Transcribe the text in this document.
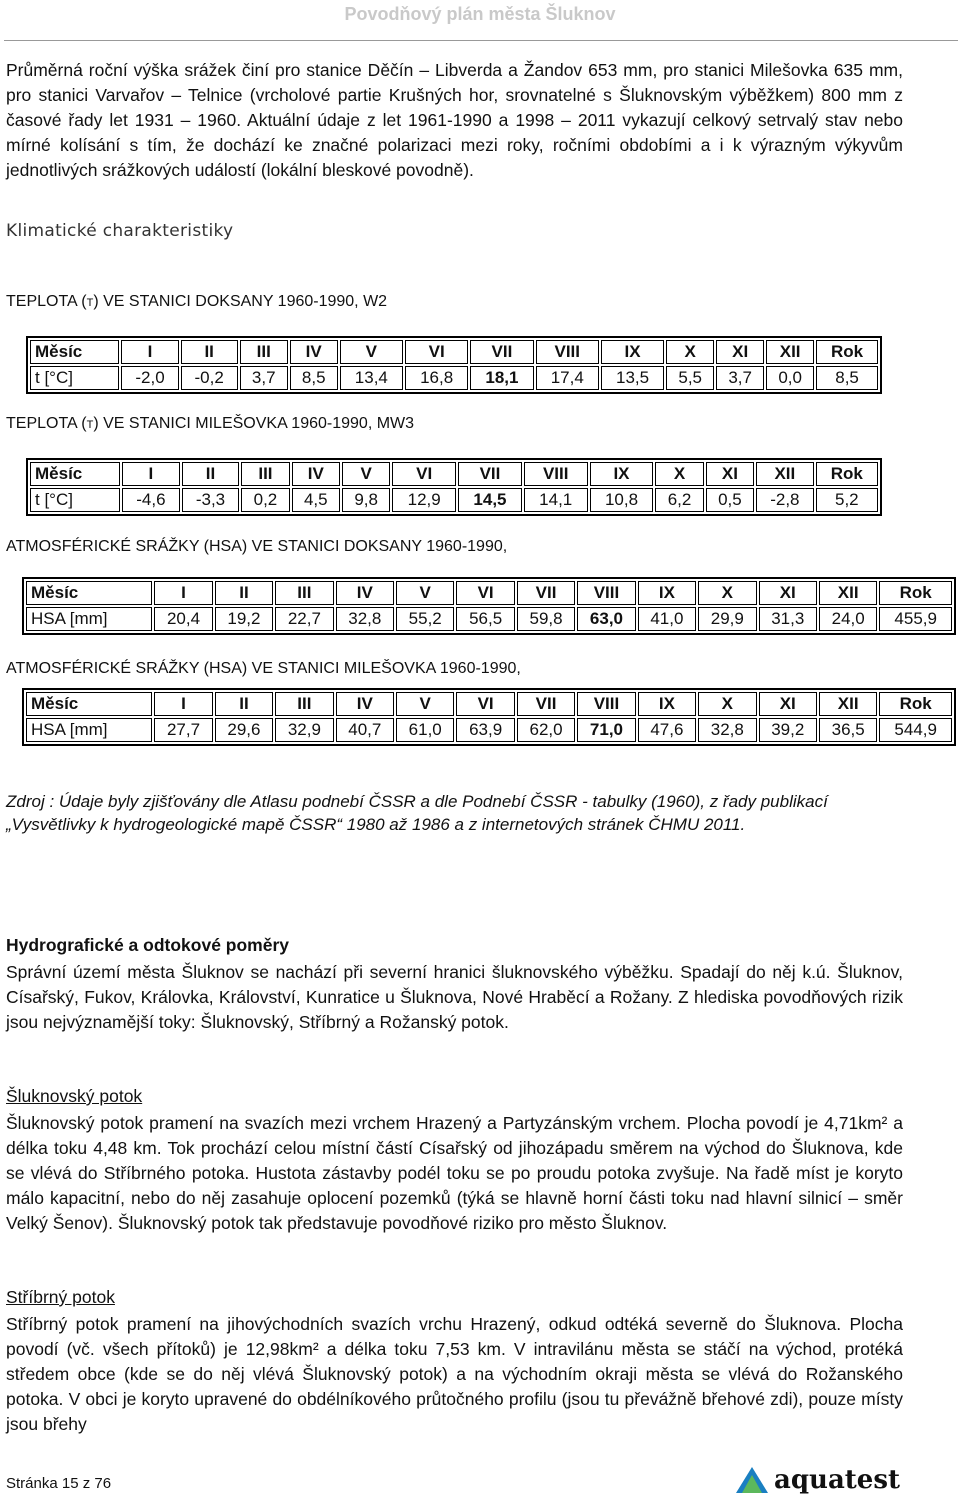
Povodňový plán města Šluknov
Průměrná roční výška srážek činí pro stanice Děčín – Libverda a Žandov 653 mm, pro stanici Milešovka 635 mm, pro stanici Varvařov – Telnice (vrcholové partie Krušných hor, srovnatelné s Šluknovským výběžkem) 800 mm z časové řady let 1931 – 1960. Aktuální údaje z let 1961-1990 a 1998 – 2011 vykazují celkový setrvalý stav nebo mírné kolísání s tím, že dochází ke značné polarizaci mezi roky, ročními obdobími a i k výrazným výkyvům jednotlivých srážkových událostí (lokální bleskové povodně).
Klimatické charakteristiky
TEPLOTA (t) VE STANICI DOKSANY 1960-1990, W2
Měsíc	I	II	III	IV	V	VI	VII	VIII	IX	X	XI	XII	Rok
t [°C]	-2,0	-0,2	3,7	8,5	13,4	16,8	18,1	17,4	13,5	5,5	3,7	0,0	8,5
TEPLOTA (t) VE STANICI MILEŠOVKA 1960-1990, MW3
Měsíc	I	II	III	IV	V	VI	VII	VIII	IX	X	XI	XII	Rok
t [°C]	-4,6	-3,3	0,2	4,5	9,8	12,9	14,5	14,1	10,8	6,2	0,5	-2,8	5,2
ATMOSFÉRICKÉ SRÁŽKY (HSA) VE STANICI DOKSANY 1960-1990,
Měsíc	I	II	III	IV	V	VI	VII	VIII	IX	X	XI	XII	Rok
HSA [mm]	20,4	19,2	22,7	32,8	55,2	56,5	59,8	63,0	41,0	29,9	31,3	24,0	455,9
ATMOSFÉRICKÉ SRÁŽKY (HSA) VE STANICI MILEŠOVKA 1960-1990,
Měsíc	I	II	III	IV	V	VI	VII	VIII	IX	X	XI	XII	Rok
HSA [mm]	27,7	29,6	32,9	40,7	61,0	63,9	62,0	71,0	47,6	32,8	39,2	36,5	544,9
Zdroj : Údaje byly zjišťovány dle Atlasu podnebí ČSSR a dle Podnebí ČSSR - tabulky (1960), z řady publikací „Vysvětlivky k hydrogeologické mapě ČSSR“ 1980 až 1986 a z internetových stránek ČHMU 2011.
Hydrografické a odtokové poměry
Správní území města Šluknov se nachází při severní hranici šluknovského výběžku. Spadají do něj k.ú. Šluknov, Císařský, Fukov, Královka, Království, Kunratice u Šluknova, Nové Hraběcí a Rožany. Z hlediska povodňových rizik jsou nejvýznamější toky: Šluknovský, Stříbrný a Rožanský potok.
Šluknovský potok
Šluknovský potok pramení na svazích mezi vrchem Hrazený a Partyzánským vrchem. Plocha povodí je 4,71km² a délka toku 4,48 km. Tok prochází celou místní částí Císařský od jihozápadu směrem na východ do Šluknova, kde se vlévá do Stříbrného potoka. Hustota zástavby podél toku se po proudu potoka zvyšuje. Na řadě míst je koryto málo kapacitní, nebo do něj zasahuje oplocení pozemků (týká se hlavně horní části toku nad hlavní silnicí – směr Velký Šenov). Šluknovský potok tak představuje povodňové riziko pro město Šluknov.
Stříbrný potok
Stříbrný potok pramení na jihovýchodních svazích vrchu Hrazený, odkud odtéká severně do Šluknova. Plocha povodí (vč. všech přítoků) je 12,98km² a délka toku 7,53 km. V intravilánu města se stáčí na východ, protéká středem obce (kde se do něj vlévá Šluknovský potok) a na východním okraji města se vlévá do Rožanského potoka. V obci je koryto upravené do obdélníkového průtočného profilu (jsou tu převážně břehové zdi), pouze místy jsou břehy
Stránka 15 z 76	aquatest
